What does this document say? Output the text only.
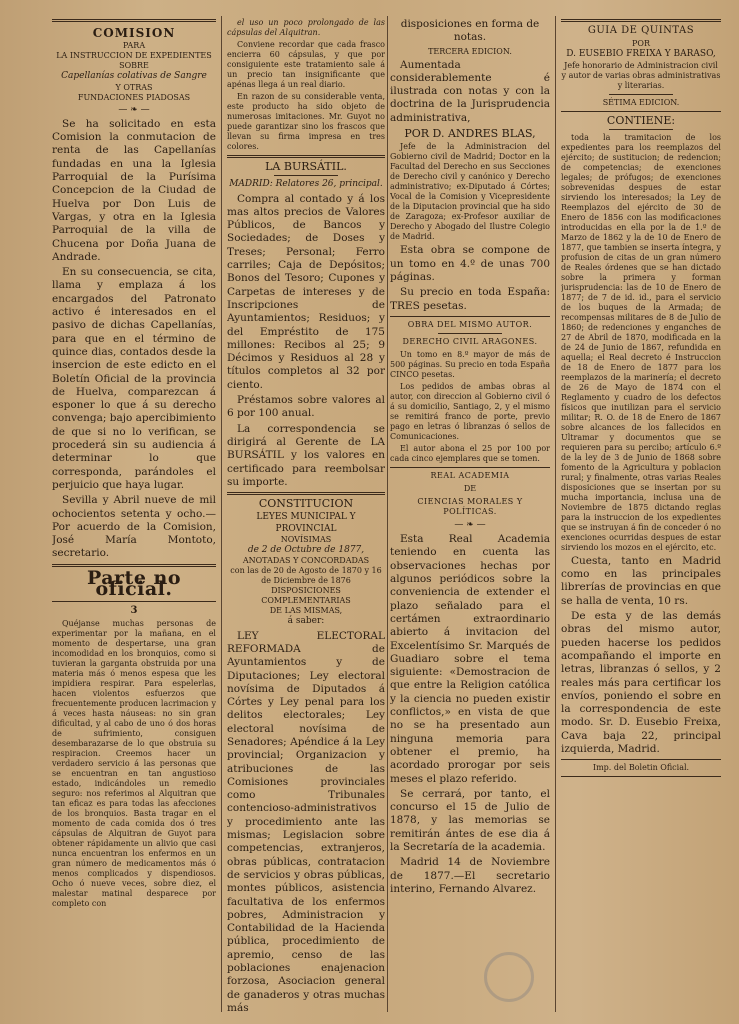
COMISION
PARA
LA INSTRUCCION DE EXPEDIENTES
SOBRE
Capellanías colativas de Sangre
Y OTRAS
FUNDACIONES PIADOSAS
— ❧ —

Se ha solicitado en esta Comision la conmutacion de renta de las Capellanías fundadas en una la Iglesia Parroquial de la Purísima Concepcion de la Ciudad de Huelva por Don Luis de Vargas, y otra en la Iglesia Parroquial de la villa de Chucena por Doña Juana de Andrade.

En su consecuencia, se cita, llama y emplaza á los encargados del Patronato activo é interesados en el pasivo de dichas Capellanías, para que en el término de quince dias, contados desde la insercion de este edicto en el Boletín Oficial de la provincia de Huelva, comparezcan á esponer lo que á su derecho convenga; bajo apercibimiento de que si no lo verifican, se procederá sin su audiencia á determinar lo que corresponda, parándoles el perjuicio que haya lugar.

Sevilla y Abril nueve de mil ochocientos setenta y ocho.—Por acuerdo de la Comision, José María Montoto, secretario.

Parte no oficial.
3

Quéjanse muchas personas de experimentar por la mañana, en el momento de despertarse, una gran incomodidad en los bronquios, como si tuvieran la garganta obstruida por una materia más ó menos espesa que les impidiera respirar. Para espelerlas, hacen violentos esfuerzos que frecuentemente producen lacrimacion y á veces hasta náuseas: no sin gran dificultad, y al cabo de uno ó dos horas de sufrimiento, consiguen desembarazarse de lo que obstruia su respiracion. Creemos hacer un verdadero servicio á las personas que se encuentran en tan angustioso estado, indicándoles un remedio seguro: nos referimos al Alquitran que tan eficaz es para todas las afecciones de los bronquios. Basta tragar en el momento de cada comida dos ó tres cápsulas de Alquitran de Guyot para obtener rápidamente un alivio que casi nunca encuentran los enfermos en un gran número de medicamentos más ó menos complicados y dispendiosos. Ocho ó nueve veces, sobre diez, el malestar matinal desparece por completo con

el uso un poco prolongado de las cápsulas del Alquitran.

Conviene recordar que cada frasco encierra 60 cápsulas, y que por consiguiente este tratamiento sale á un precio tan insignificante que apénas llega á un real diario.

En razon de su considerable venta, este producto ha sido objeto de numerosas imitaciones. Mr. Guyot no puede garantizar sino los frascos que llevan su firma impresa en tres colores.

LA BURSÁTIL.
MADRID: Relatores 26, principal.

Compra al contado y á los mas altos precios de Valores Públicos, de Bancos y Sociedades; de Doses y Treses; Personal; Ferro carriles; Caja de Depósitos; Bonos del Tesoro; Cupones y Carpetas de intereses y de Inscripciones de Ayuntamientos; Residuos; y del Empréstito de 175 millones: Recibos al 25; 9 Décimos y Residuos al 28 y títulos completos al 32 por ciento.

Préstamos sobre valores al 6 por 100 anual.

La correspondencia se dirigirá al Gerente de LA BURSÁTIL y los valores en certificado para reembolsar su importe.

CONSTITUCION
LEYES MUNICIPAL Y PROVINCIAL
NOVÍSIMAS
de 2 de Octubre de 1877,
ANOTADAS Y CONCORDADAS
con las de 20 de Agosto de 1870 y 16 de Diciembre de 1876
DISPOSICIONES COMPLEMENTARIAS
DE LAS MISMAS,
á saber:

LEY ELECTORAL REFORMADA de Ayuntamientos y de Diputaciones; Ley electoral novísima de Diputados á Córtes y Ley penal para los delitos electorales; Ley electoral novísima de Senadores; Apéndice á la Ley provincial; Organizacion y atribuciones de las Comisiones provinciales como Tribunales contencioso-administrativos y procedimiento ante las mismas; Legislacion sobre competencias, extranjeros, obras públicas, contratacion de servicios y obras públicas, montes públicos, asistencia facultativa de los enfermos pobres, Administracion y Contabilidad de la Hacienda pública, procedimiento de apremio, censo de las poblaciones enajenacion forzosa, Asociacion general de ganaderos y otras muchas más

disposiciones en forma de notas.

TERCERA EDICION.

Aumentada considerablemente é ilustrada con notas y con la doctrina de la Jurisprudencia administrativa,

POR D. ANDRES BLAS,

Jefe de la Administracion del Gobierno civil de Madrid; Doctor en la Facultad del Derecho en sus Secciones de Derecho civil y canónico y Derecho administrativo; ex-Diputado á Córtes; Vocal de la Comision y Vicepresidente de la Diputacion provincial que ha sido de Zaragoza; ex-Profesor auxiliar de Derecho y Abogado del Ilustre Colegio de Madrid.

Esta obra se compone de un tomo en 4.º de unas 700 páginas.

Su precio en toda España: TRES pesetas.

OBRA DEL MISMO AUTOR.
DERECHO CIVIL ARAGONES.

Un tomo en 8.º mayor de más de 500 páginas. Su precio en toda España CINCO pesetas.

Los pedidos de ambas obras al autor, con direccion al Gobierno civil ó á su domicilio, Santiago, 2, y el mismo se remitirá franco de porte, previo pago en letras ó libranzas ó sellos de Comunicaciones.

El autor abona el 25 por 100 por cada cinco ejemplares que se tomen.

REAL ACADEMIA
DE
CIENCIAS MORALES Y POLÍTICAS.
— ❧ —

Esta Real Academia teniendo en cuenta las observaciones hechas por algunos periódicos sobre la conveniencia de extender el plazo señalado para el certámen extraordinario abierto á invitacion del Excelentísimo Sr. Marqués de Guadiaro sobre el tema siguiente: «Demostracion de que entre la Religion católica y la ciencia no pueden existir conflictos,» en vista de que no se ha presentado aun ninguna memoria para obtener el premio, ha acordado prorogar por seis meses el plazo referido.

Se cerrará, por tanto, el concurso el 15 de Julio de 1878, y las memorias se remitirán ántes de ese dia á la Secretaría de la academia.

Madrid 14 de Noviembre de 1877.—El secretario interino, Fernando Alvarez.

GUIA DE QUINTAS
POR
D. EUSEBIO FREIXA Y BARASO,
Jefe honorario de Administracion civil y autor de varias obras administrativas y literarias.
SÉTIMA EDICION.
CONTIENE:

toda la tramitacion de los expedientes para los reemplazos del ejército; de sustitucion; de redencion; de competencias; de exenciones legales; de prófugos; de exenciones sobrevenidas despues de estar sirviendo los interesados; la Ley de Reemplazos del ejército de 30 de Enero de 1856 con las modificaciones introducidas en ella por la de 1.º de Marzo de 1862 y la de 10 de Enero de 1877, que tambien se inserta íntegra, y profusion de citas de un gran número de Reales órdenes que se han dictado sobre la primera y forman jurisprudencia: las de 10 de Enero de 1877; de 7 de id. id., para el servicio de los buques de la Armada; de recompensas militares de 8 de Julio de 1860; de redenciones y enganches de 27 de Abril de 1870, modificada en la de 24 de Junio de 1867, refundida en aquella; el Real decreto é Instruccion de 18 de Enero de 1877 para los reemplazos de la marinería; el decreto de 26 de Mayo de 1874 con el Reglamento y cuadro de los defectos físicos que inutilizan para el servicio militar; R. O. de 18 de Enero de 1867 sobre alcances de los fallecidos en Ultramar y documentos que se requieren para su percibo; artículo 6.º de la ley de 3 de Junio de 1868 sobre fomento de la Agricultura y poblacion rural; y finalmente, otras varias Reales disposiciones que se insertan por su mucha importancia, inclusa una de Noviembre de 1875 dictando reglas para la instruccion de los expedientes que se instruyan á fin de conceder ó no exenciones ocurridas despues de estar sirviendo los mozos en el ejército, etc.

Cuesta, tanto en Madrid como en las principales librerías de provincias en que se halla de venta, 10 rs.

De esta y de las demás obras del mismo autor, pueden hacerse los pedidos acompañando el importe en letras, libranzas ó sellos, y 2 reales más para certificar los envíos, poniendo el sobre en la correspondencia de este modo. Sr. D. Eusebio Freixa, Cava baja 22, principal izquierda, Madrid.

Imp. del Boletin Oficial.
